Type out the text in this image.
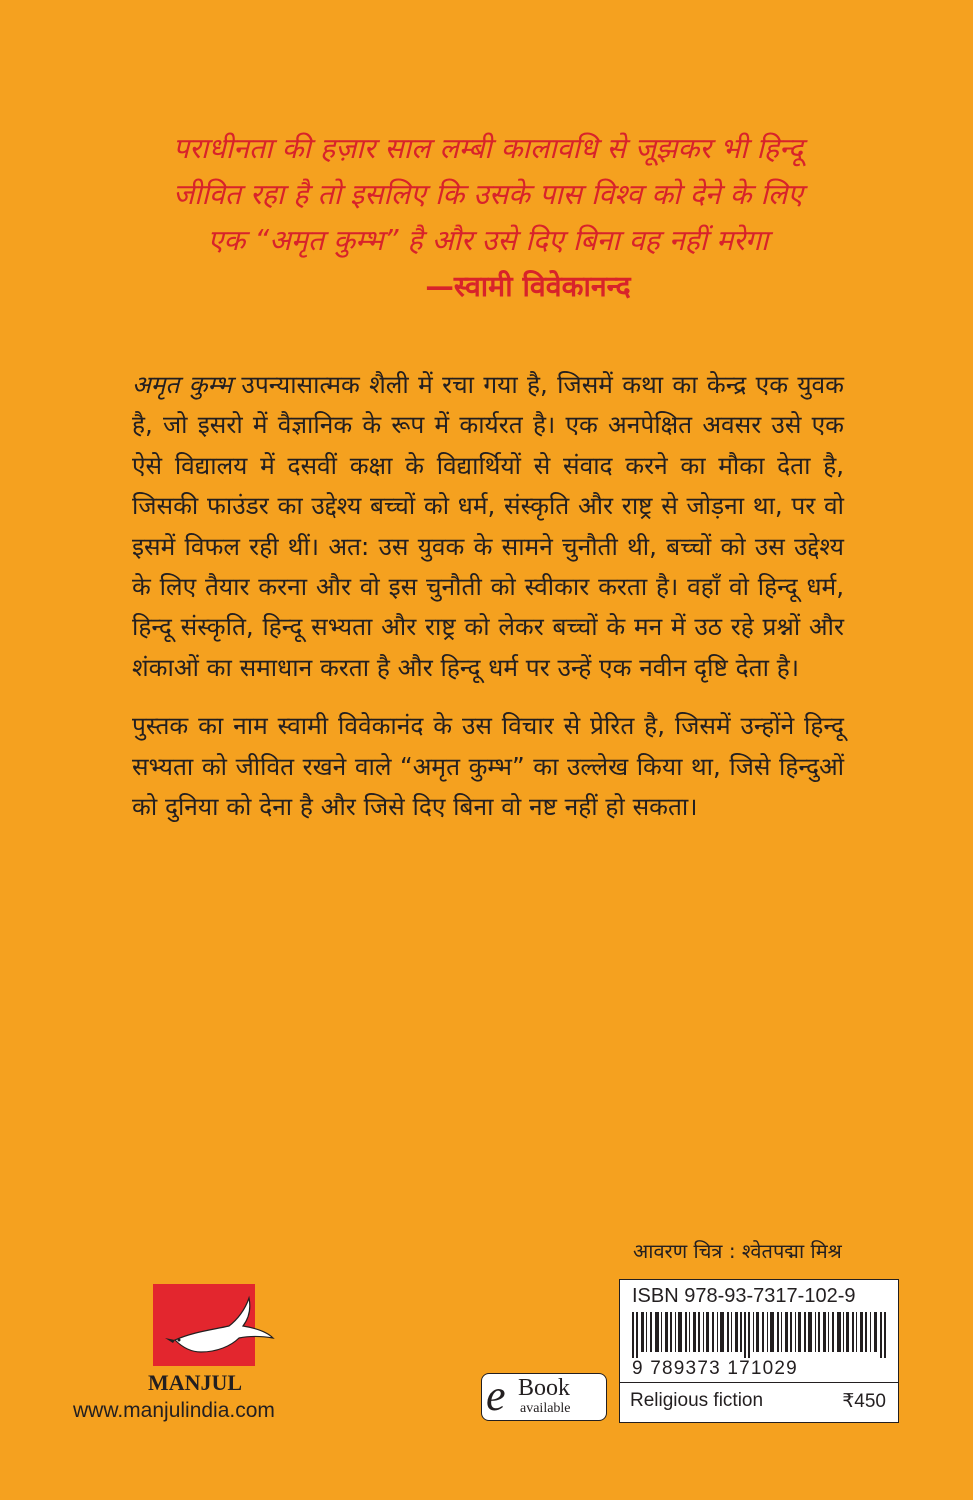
पराधीनता की हज़ार साल लम्बी कालावधि से जूझकर भी हिन्दू

जीवित रहा है तो इसलिए कि उसके पास विश्व को देने के लिए

एक “अमृत कुम्भ” है और उसे दिए बिना वह नहीं मरेगा

—स्वामी विवेकानन्द

अमृत कुम्भ उपन्यासात्मक शैली में रचा गया है, जिसमें कथा का केन्द्र एक युवक है, जो इसरो में वैज्ञानिक के रूप में कार्यरत है। एक अनपेक्षित अवसर उसे एक ऐसे विद्यालय में दसवीं कक्षा के विद्यार्थियों से संवाद करने का मौका देता है, जिसकी फाउंडर का उद्देश्य बच्चों को धर्म, संस्कृति और राष्ट्र से जोड़ना था, पर वो इसमें विफल रही थीं। अत: उस युवक के सामने चुनौती थी, बच्चों को उस उद्देश्य के लिए तैयार करना और वो इस चुनौती को स्वीकार करता है। वहाँ वो हिन्दू धर्म, हिन्दू संस्कृति, हिन्दू सभ्यता और राष्ट्र को लेकर बच्चों के मन में उठ रहे प्रश्नों और शंकाओं का समाधान करता है और हिन्दू धर्म पर उन्हें एक नवीन दृष्टि देता है।

पुस्तक का नाम स्वामी विवेकानंद के उस विचार से प्रेरित है, जिसमें उन्होंने हिन्दू सभ्यता को जीवित रखने वाले “अमृत कुम्भ” का उल्लेख किया था, जिसे हिन्दुओं को दुनिया को देना है और जिसे दिए बिना वो नष्ट नहीं हो सकता।

आवरण चित्र : श्वेतपद्मा मिश्र
ISBN 978-93-7317-102-9
9 789373 171029
Religious fiction	₹450
MANJUL
www.manjulindia.com	e Book
available
